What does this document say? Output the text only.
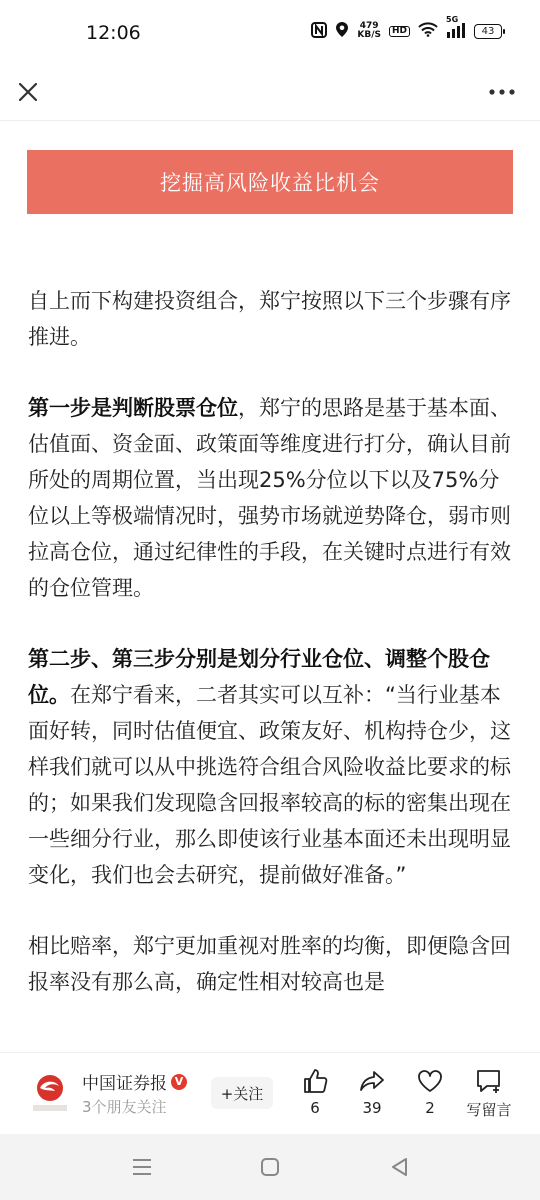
12:06	479
KB/S	HD
5G
43
挖掘高风险收益比机会

自上而下构建投资组合，郑宁按照以下三个步骤有序推进。

第一步是判断股票仓位，郑宁的思路是基于基本面、估值面、资金面、政策面等维度进行打分，确认目前所处的周期位置，当出现25%分位以下以及75%分位以上等极端情况时，强势市场就逆势降仓，弱市则拉高仓位，通过纪律性的手段，在关键时点进行有效的仓位管理。

第二步、第三步分别是划分行业仓位、调整个股仓位。在郑宁看来，二者其实可以互补：“当行业基本面好转，同时估值便宜、政策友好、机构持仓少，这样我们就可以从中挑选符合组合风险收益比要求的标的；如果我们发现隐含回报率较高的标的密集出现在一些细分行业，那么即使该行业基本面还未出现明显变化，我们也会去研究，提前做好准备。”

相比赔率，郑宁更加重视对胜率的均衡，即便隐含回报率没有那么高，确定性相对较高也是

中国证券报 V
3个朋友关注
+关注
6	39	2	写留言
